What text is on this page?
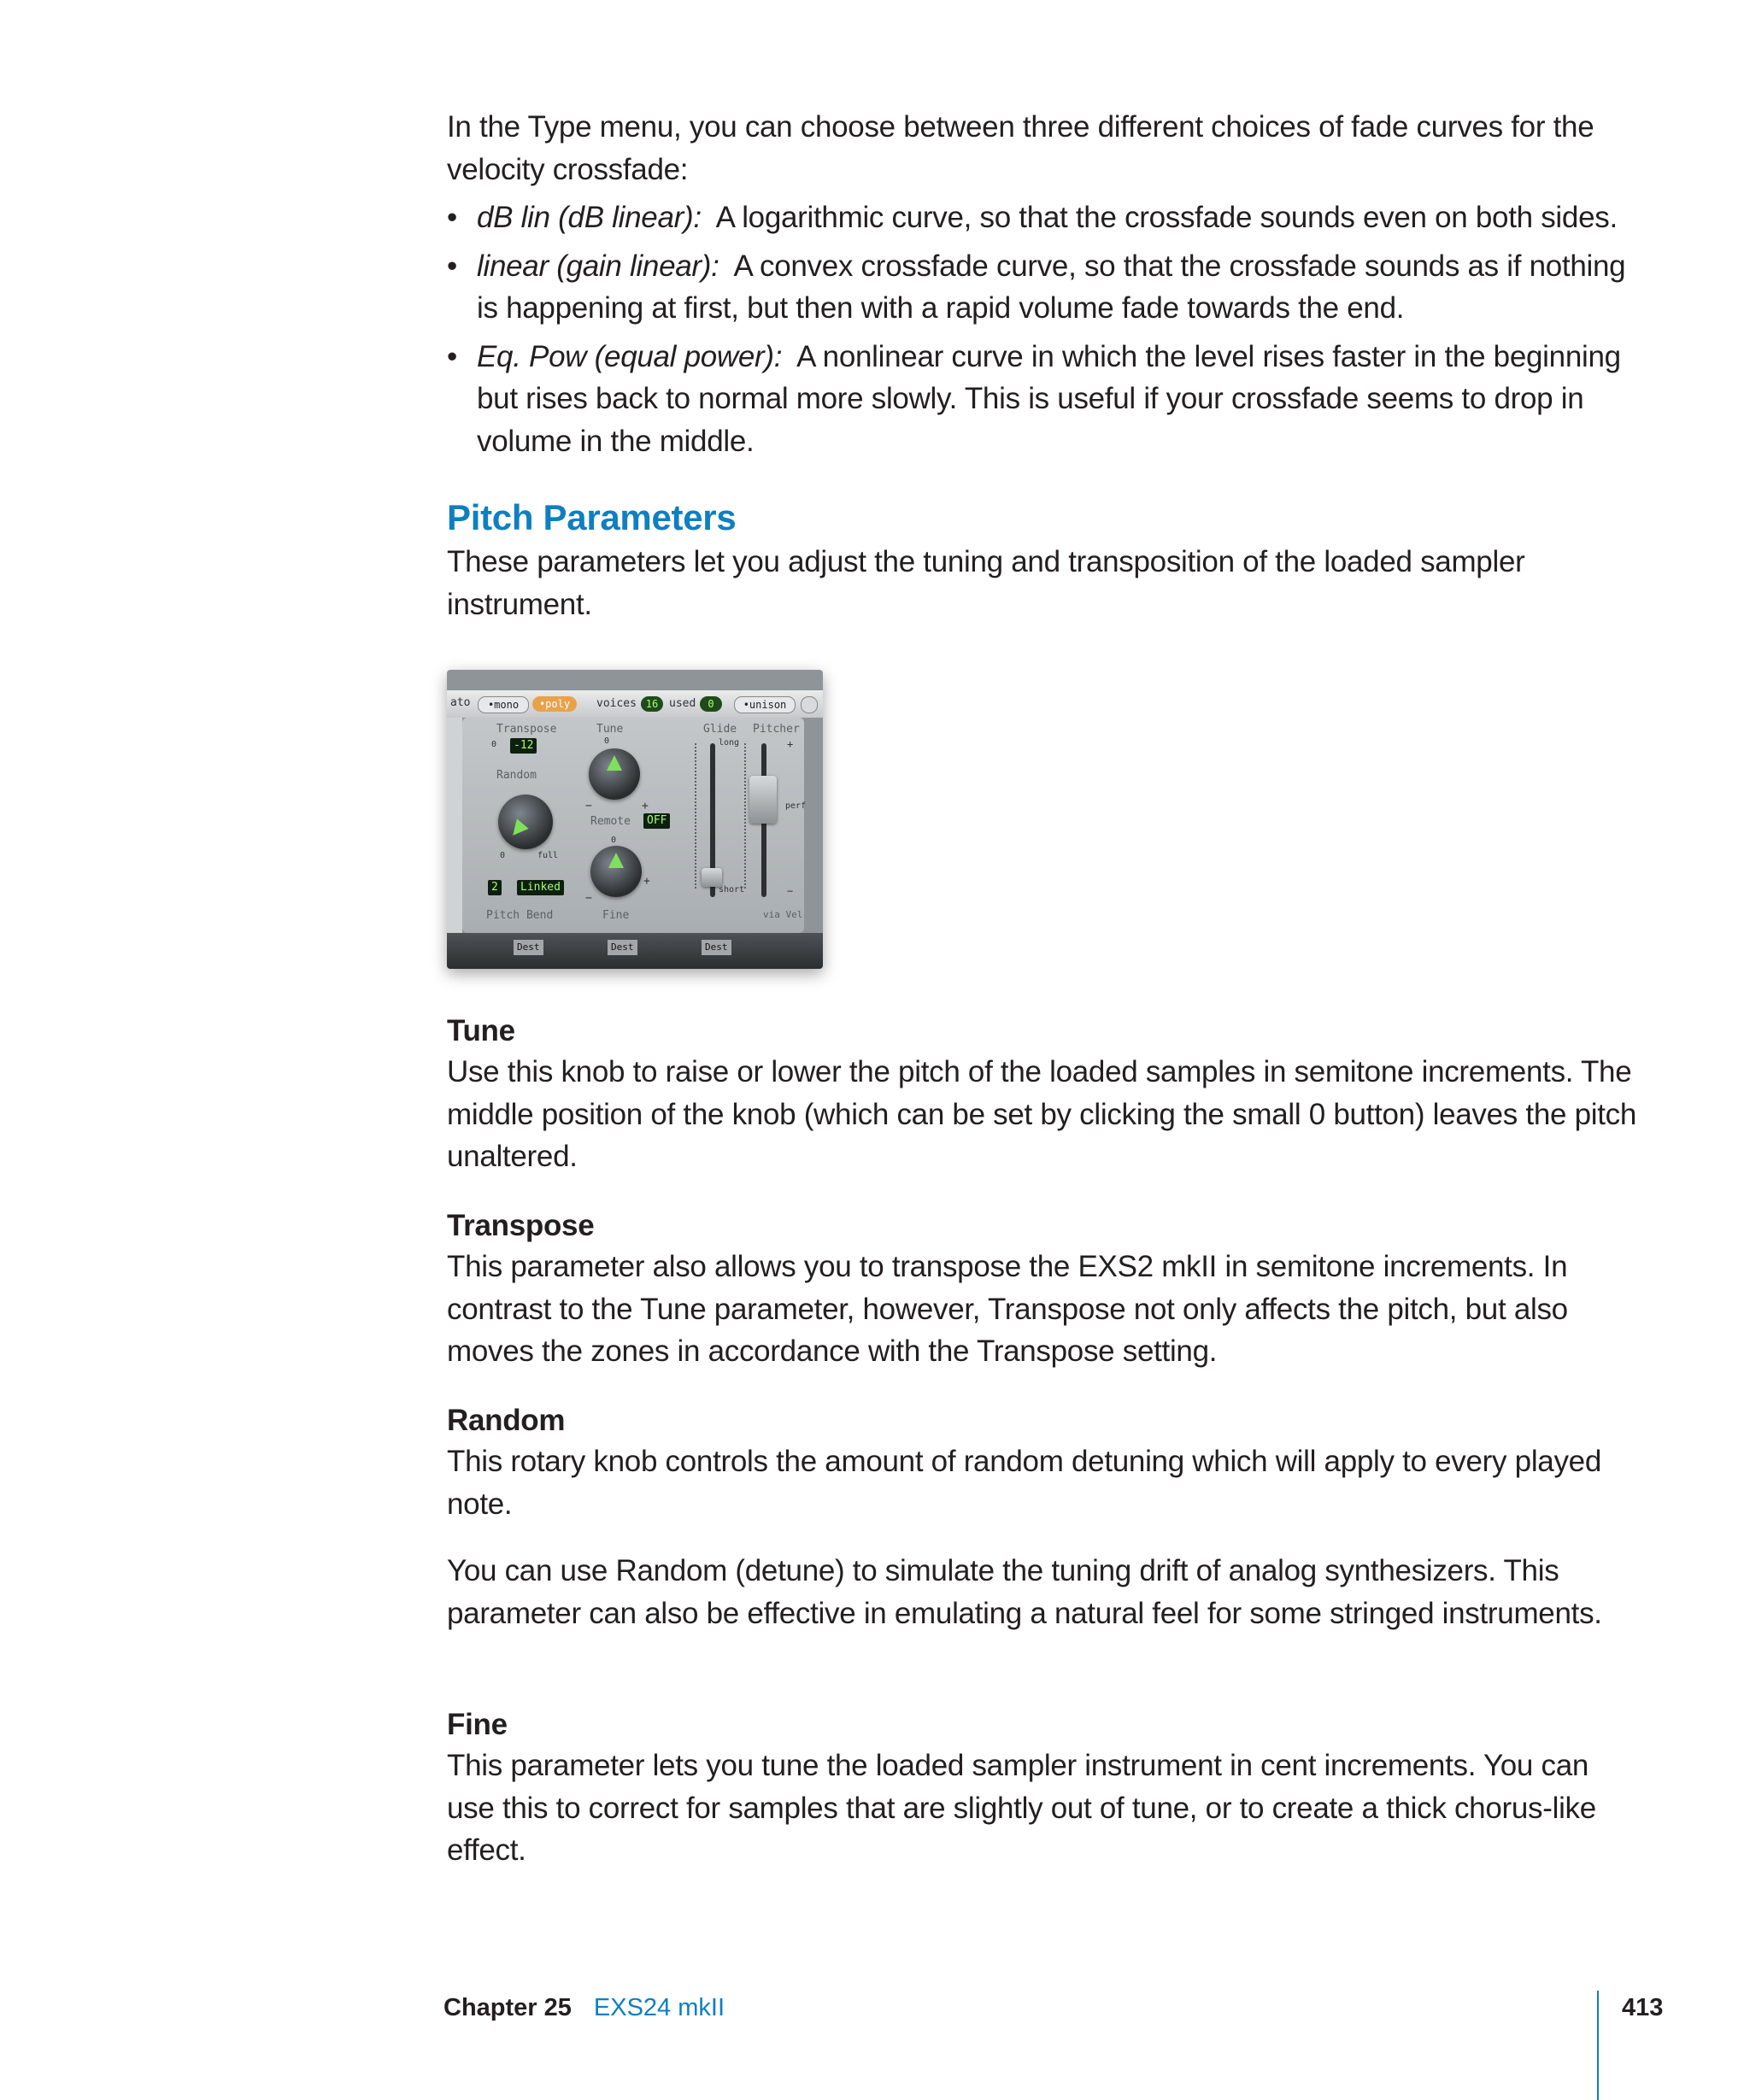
In the Type menu, you can choose between three different choices of fade curves for the velocity crossfade:

• dB lin (dB linear): A logarithmic curve, so that the crossfade sounds even on both sides.
• linear (gain linear): A convex crossfade curve, so that the crossfade sounds as if nothing is happening at first, but then with a rapid volume fade towards the end.
• Eq. Pow (equal power): A nonlinear curve in which the level rises faster in the beginning but rises back to normal more slowly. This is useful if your crossfade seems to drop in volume in the middle.
Pitch Parameters

These parameters let you adjust the tuning and transposition of the loaded sampler instrument.

ato	•mono	•poly	voices 16 used	0	•unison
Transpose
0	-12
Tune
0
Glide Pitcher
Random
0	full
−	+
Remote	OFF
0
−
+
2	Linked
Pitch Bend	Fine
long
short
+
perf
−
via Vel
Dest	Dest	Dest
Tune

Use this knob to raise or lower the pitch of the loaded samples in semitone increments. The middle position of the knob (which can be set by clicking the small 0 button) leaves the pitch unaltered.

Transpose

This parameter also allows you to transpose the EXS2 mkII in semitone increments. In contrast to the Tune parameter, however, Transpose not only affects the pitch, but also moves the zones in accordance with the Transpose setting.

Random

This rotary knob controls the amount of random detuning which will apply to every played note.

You can use Random (detune) to simulate the tuning drift of analog synthesizers. This parameter can also be effective in emulating a natural feel for some stringed instruments.

Fine

This parameter lets you tune the loaded sampler instrument in cent increments. You can use this to correct for samples that are slightly out of tune, or to create a thick chorus-like effect.

Chapter 25 EXS24 mkII	413
